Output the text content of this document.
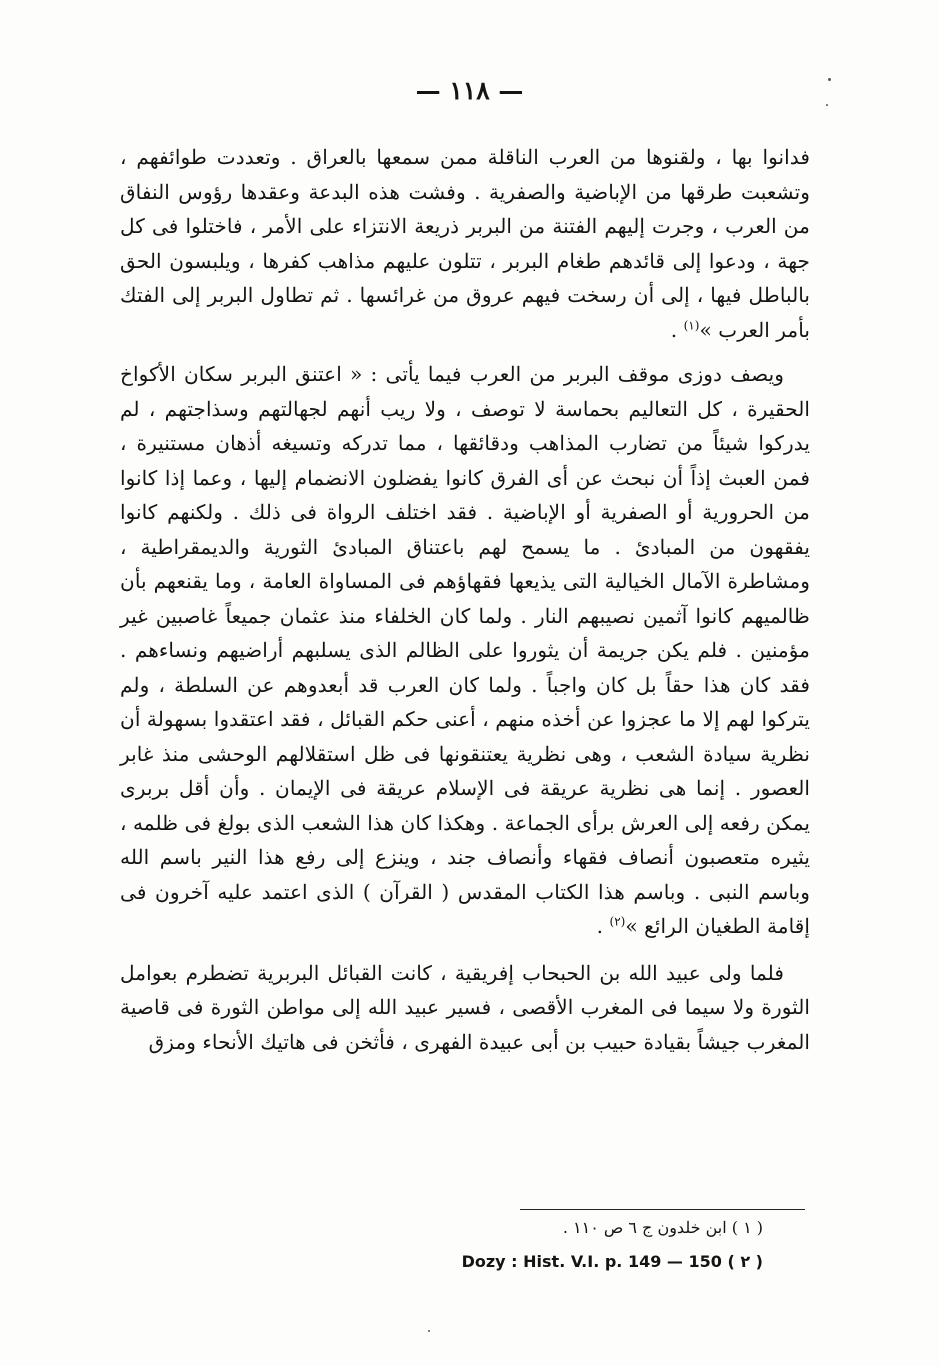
— ١١٨ —

فدانوا بها ، ولقنوها من العرب الناقلة ممن سمعها بالعراق . وتعددت طوائفهم ، وتشعبت طرقها من الإباضية والصفرية . وفشت هذه البدعة وعقدها رؤوس النفاق من العرب ، وجرت إليهم الفتنة من البربر ذريعة الانتزاء على الأمر ، فاختلوا فى كل جهة ، ودعوا إلى قائدهم طغام البربر ، تتلون عليهم مذاهب كفرها ، ويلبسون الحق بالباطل فيها ، إلى أن رسخت فيهم عروق من غرائسها . ثم تطاول البربر إلى الفتك بأمر العرب »$^{(١)}$ .

ويصف دوزى موقف البربر من العرب فيما يأتى : « اعتنق البربر سكان الأكواخ الحقيرة ، كل التعاليم بحماسة لا توصف ، ولا ريب أنهم لجهالتهم وسذاجتهم ، لم يدركوا شيئاً من تضارب المذاهب ودقائقها ، مما تدركه وتسيغه أذهان مستنيرة ، فمن العبث إذاً أن نبحث عن أى الفرق كانوا يفضلون الانضمام إليها ، وعما إذا كانوا من الحرورية أو الصفرية أو الإباضية . فقد اختلف الرواة فى ذلك . ولكنهم كانوا يفقهون من المبادئ . ما يسمح لهم باعتناق المبادئ الثورية والديمقراطية ، ومشاطرة الآمال الخيالية التى يذيعها فقهاؤهم فى المساواة العامة ، وما يقنعهم بأن ظالميهم كانوا آثمين نصيبهم النار . ولما كان الخلفاء منذ عثمان جميعاً غاصبين غير مؤمنين . فلم يكن جريمة أن يثوروا على الظالم الذى يسلبهم أراضيهم ونساءهم . فقد كان هذا حقاً بل كان واجباً . ولما كان العرب قد أبعدوهم عن السلطة ، ولم يتركوا لهم إلا ما عجزوا عن أخذه منهم ، أعنى حكم القبائل ، فقد اعتقدوا بسهولة أن نظرية سيادة الشعب ، وهى نظرية يعتنقونها فى ظل استقلالهم الوحشى منذ غابر العصور . إنما هى نظرية عريقة فى الإسلام عريقة فى الإيمان . وأن أقل بربرى يمكن رفعه إلى العرش برأى الجماعة . وهكذا كان هذا الشعب الذى بولغ فى ظلمه ، يثيره متعصبون أنصاف فقهاء وأنصاف جند ، وينزع إلى رفع هذا النير باسم الله وباسم النبى . وباسم هذا الكتاب المقدس ( القرآن ) الذى اعتمد عليه آخرون فى إقامة الطغيان الرائع »$^{(٢)}$ .

فلما ولى عبيد الله بن الحبحاب إفريقية ، كانت القبائل البربرية تضطرم بعوامل الثورة ولا سيما فى المغرب الأقصى ، فسير عبيد الله إلى مواطن الثورة فى قاصية المغرب جيشاً بقيادة حبيب بن أبى عبيدة الفهرى ، فأثخن فى هاتيك الأنحاء ومزق

( ١ ) ابن خلدون ج ٦ ص ١١٠ .
Dozy : Hist. V.I. p. 149 — 150 ( ٢ )
